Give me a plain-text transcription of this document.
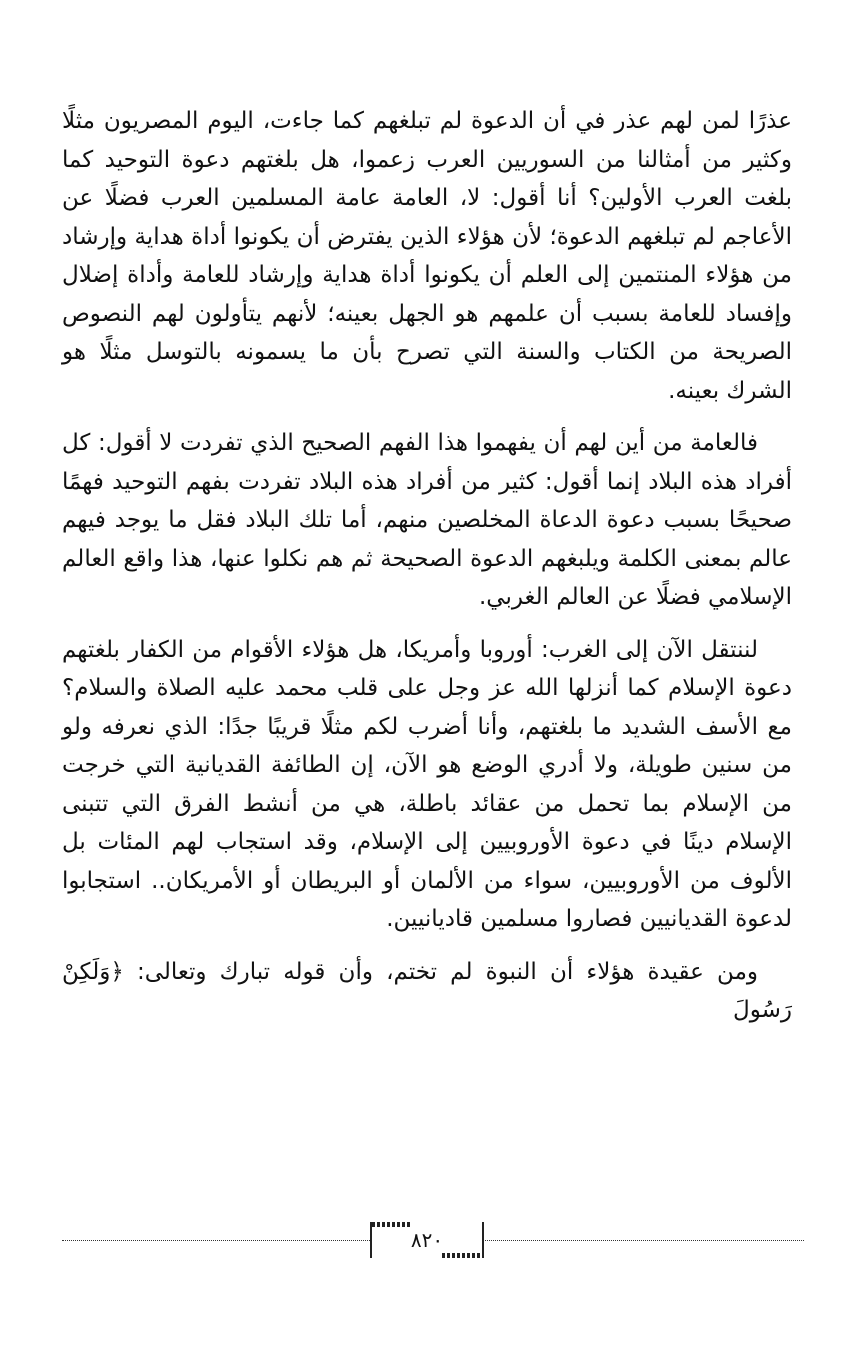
عذرًا لمن لهم عذر في أن الدعوة لم تبلغهم كما جاءت، اليوم المصريون مثلًا وكثير من أمثالنا من السوريين العرب زعموا، هل بلغتهم دعوة التوحيد كما بلغت العرب الأولين؟ أنا أقول: لا، العامة عامة المسلمين العرب فضلًا عن الأعاجم لم تبلغهم الدعوة؛ لأن هؤلاء الذين يفترض أن يكونوا أداة هداية وإرشاد من هؤلاء المنتمين إلى العلم أن يكونوا أداة هداية وإرشاد للعامة وأداة إضلال وإفساد للعامة بسبب أن علمهم هو الجهل بعينه؛ لأنهم يتأولون لهم النصوص الصريحة من الكتاب والسنة التي تصرح بأن ما يسمونه بالتوسل مثلًا هو الشرك بعينه.

فالعامة من أين لهم أن يفهموا هذا الفهم الصحيح الذي تفردت لا أقول: كل أفراد هذه البلاد إنما أقول: كثير من أفراد هذه البلاد تفردت بفهم التوحيد فهمًا صحيحًا بسبب دعوة الدعاة المخلصين منهم، أما تلك البلاد فقل ما يوجد فيهم عالم بمعنى الكلمة ويلبغهم الدعوة الصحيحة ثم هم نكلوا عنها، هذا واقع العالم الإسلامي فضلًا عن العالم الغربي.

لننتقل الآن إلى الغرب: أوروبا وأمريكا، هل هؤلاء الأقوام من الكفار بلغتهم دعوة الإسلام كما أنزلها الله عز وجل على قلب محمد عليه الصلاة والسلام؟ مع الأسف الشديد ما بلغتهم، وأنا أضرب لكم مثلًا قريبًا جدًا: الذي نعرفه ولو من سنين طويلة، ولا أدري الوضع هو الآن، إن الطائفة القديانية التي خرجت من الإسلام بما تحمل من عقائد باطلة، هي من أنشط الفرق التي تتبنى الإسلام دينًا في دعوة الأوروبيين إلى الإسلام، وقد استجاب لهم المئات بل الألوف من الأوروبيين، سواء من الألمان أو البريطان أو الأمريكان.. استجابوا لدعوة القديانيين فصاروا مسلمين قاديانيين.

ومن عقيدة هؤلاء أن النبوة لم تختم، وأن قوله تبارك وتعالى: ﴿وَلَكِنْ رَسُولَ

٨٢٠
